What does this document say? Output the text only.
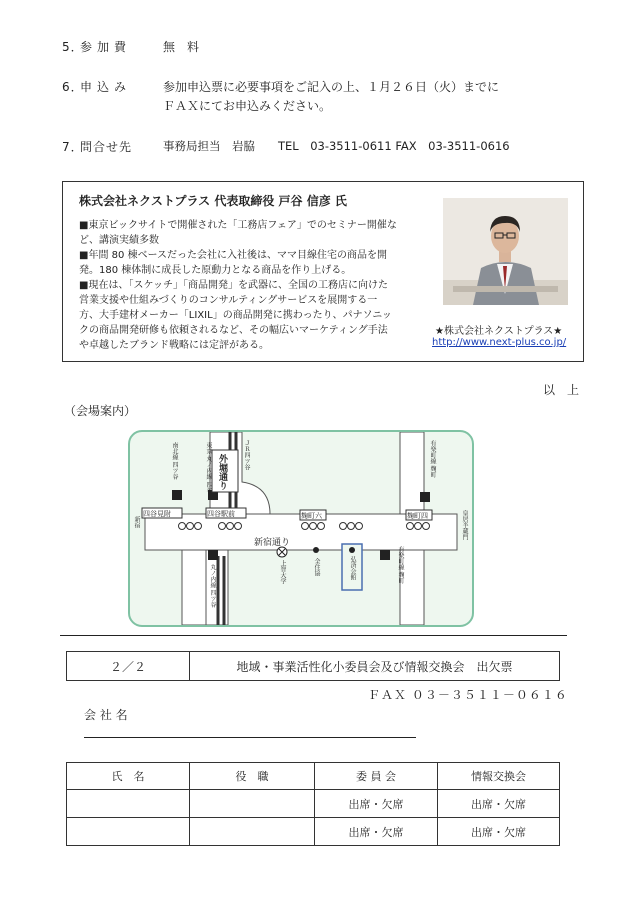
5．
参加費	無　料
6．
申込み	参加申込票に必要事項をご記入の上、１月２６日（火）までに
ＦＡＸにてお申込みください。
7．
問合せ先	事務局担当　岩脇　　TEL　03-3511-0611 FAX　03-3511-0616
株式会社ネクストプラス 代表取締役 戸谷 信彦 氏

■東京ビックサイトで開催された「工務店フェア」でのセミナー開催など、講演実績多数

■年間 80 棟ベースだった会社に入社後は、ママ目線住宅の商品を開発。180 棟体制に成長した原動力となる商品を作り上げる。

■現在は、「スケッチ」「商品開発」を武器に、全国の工務店に向けた営業支援や仕組みづくりのコンサルティングサービスを展開する一方、大手建材メーカー「LIXIL」の商品開発に携わったり、パナソニックの商品開発研修も依頼されるなど、その幅広いマーケティング手法や卓越したブランド戦略には定評がある。

★株式会社ネクストプラス★
http://www.next-plus.co.jp/
以　上
（会場案内）
外堀通り
新宿通り
四谷見附	四谷駅前	麹町六	麹町四
新宿	皇居半蔵門
南北線 四ツ谷	東京 丸ノ内線 四谷	ＪＲ四ツ谷	有楽町線 麹町
丸ノ内線 四ツ谷	上智大学	全住協	弘済会館	有楽町線 麹町
２／２	地域・事業活性化小委員会及び情報交換会　出欠票
ＦＡＸ ０３－３５１１－０６１６
会 社 名
氏　名	役　職	委 員 会	情報交換会
		出席・欠席	出席・欠席
		出席・欠席	出席・欠席
